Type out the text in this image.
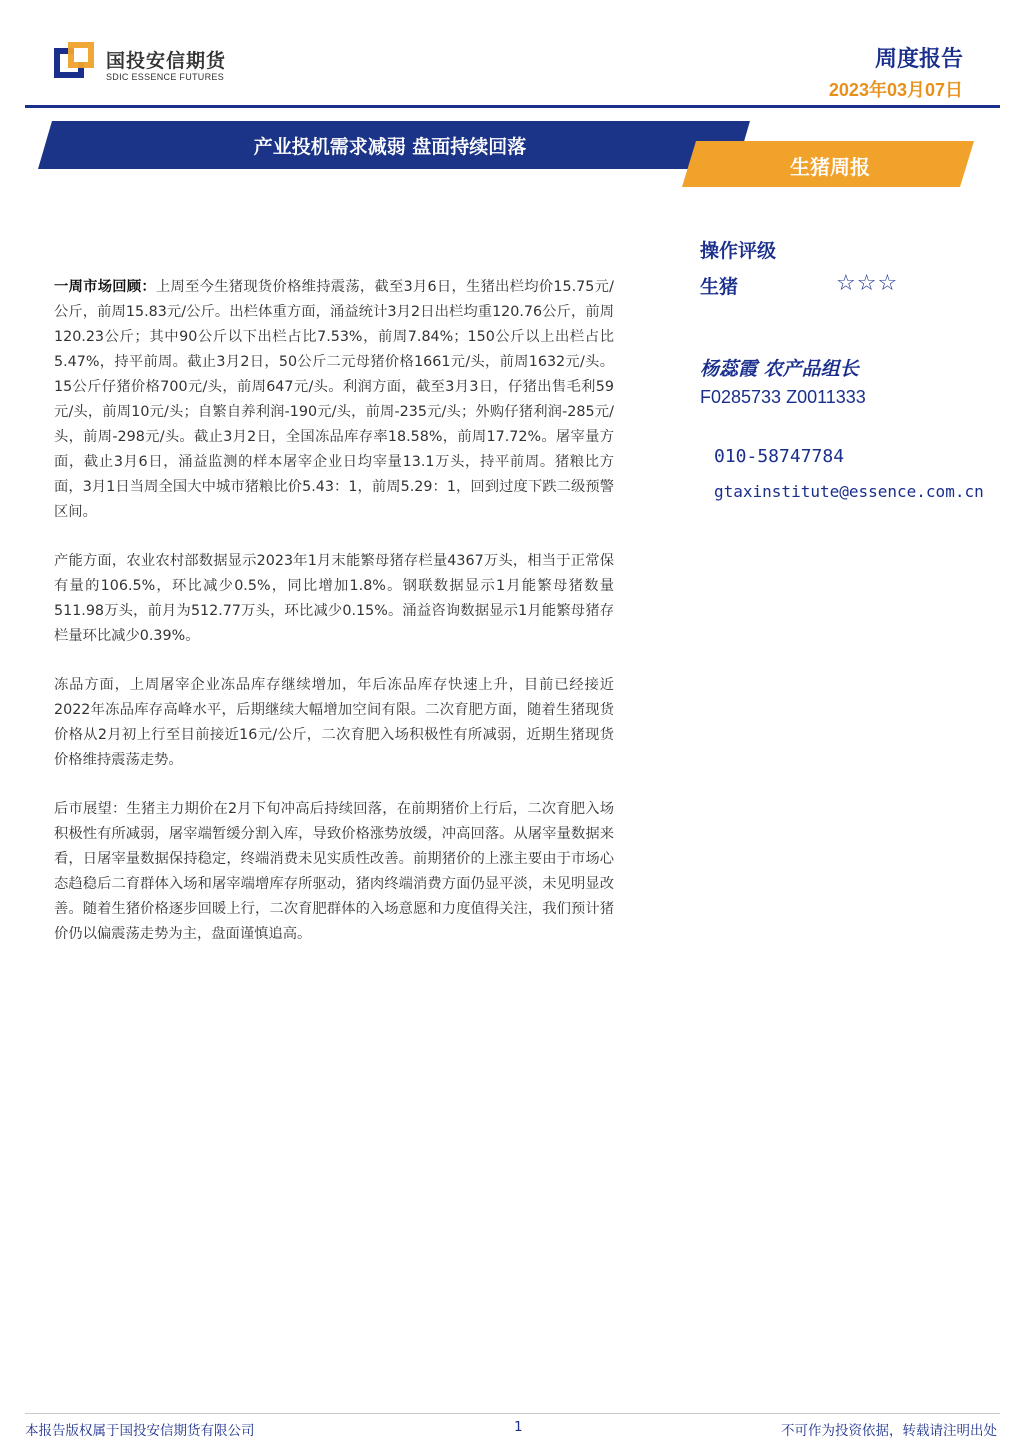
国投安信期货
SDIC ESSENCE FUTURES
周度报告
2023年03月07日
产业投机需求减弱 盘面持续回落
生猪周报

一周市场回顾：上周至今生猪现货价格维持震荡，截至3月6日，生猪出栏均价15.75元/公斤，前周15.83元/公斤。出栏体重方面，涌益统计3月2日出栏均重120.76公斤，前周120.23公斤；其中90公斤以下出栏占比7.53%，前周7.84%；150公斤以上出栏占比5.47%，持平前周。截止3月2日，50公斤二元母猪价格1661元/头，前周1632元/头。15公斤仔猪价格700元/头，前周647元/头。利润方面，截至3月3日，仔猪出售毛利59元/头，前周10元/头；自繁自养利润-190元/头，前周-235元/头；外购仔猪利润-285元/头，前周-298元/头。截止3月2日，全国冻品库存率18.58%，前周17.72%。屠宰量方面，截止3月6日，涌益监测的样本屠宰企业日均宰量13.1万头，持平前周。猪粮比方面，3月1日当周全国大中城市猪粮比价5.43：1，前周5.29：1，回到过度下跌二级预警区间。

产能方面，农业农村部数据显示2023年1月末能繁母猪存栏量4367万头，相当于正常保有量的106.5%，环比减少0.5%，同比增加1.8%。钢联数据显示1月能繁母猪数量511.98万头，前月为512.77万头，环比减少0.15%。涌益咨询数据显示1月能繁母猪存栏量环比减少0.39%。

冻品方面，上周屠宰企业冻品库存继续增加，年后冻品库存快速上升，目前已经接近2022年冻品库存高峰水平，后期继续大幅增加空间有限。二次育肥方面，随着生猪现货价格从2月初上行至目前接近16元/公斤，二次育肥入场积极性有所减弱，近期生猪现货价格维持震荡走势。

后市展望：生猪主力期价在2月下旬冲高后持续回落，在前期猪价上行后，二次育肥入场积极性有所减弱，屠宰端暂缓分割入库，导致价格涨势放缓，冲高回落。从屠宰量数据来看，日屠宰量数据保持稳定，终端消费未见实质性改善。前期猪价的上涨主要由于市场心态趋稳后二育群体入场和屠宰端增库存所驱动，猪肉终端消费方面仍显平淡，未见明显改善。随着生猪价格逐步回暖上行，二次育肥群体的入场意愿和力度值得关注，我们预计猪价仍以偏震荡走势为主，盘面谨慎追高。

操作评级
生猪	☆☆☆
杨蕊霞 农产品组长
F0285733 Z0011333
010-58747784
gtaxinstitute@essence.com.cn
本报告版权属于国投安信期货有限公司	1	不可作为投资依据，转载请注明出处
